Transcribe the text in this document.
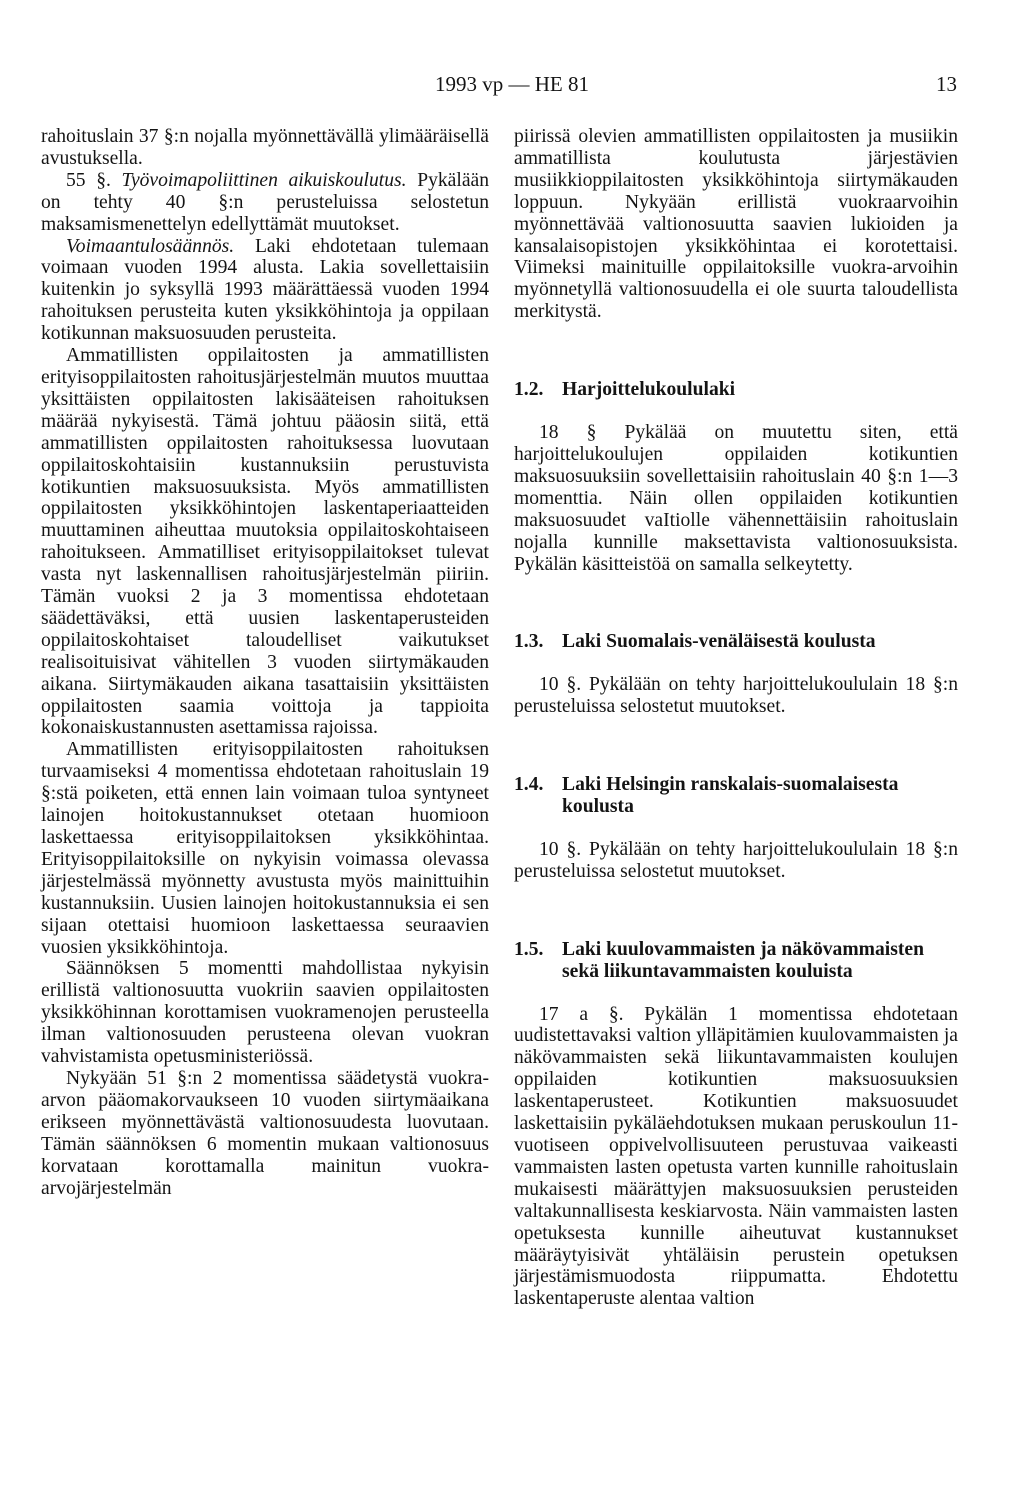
1993 vp — HE 81	13

rahoituslain 37 §:n nojalla myönnettävällä ylimääräisellä avustuksella.

55 §. Työvoimapoliittinen aikuiskoulutus. Pykälään on tehty 40 §:n perusteluissa selostetun maksamismenettelyn edellyttämät muutokset.

Voimaantulosäännös. Laki ehdotetaan tulemaan voimaan vuoden 1994 alusta. Lakia sovellettaisiin kuitenkin jo syksyllä 1993 määrättäessä vuoden 1994 rahoituksen perusteita kuten yksikköhintoja ja oppilaan kotikunnan maksuosuuden perusteita.

Ammatillisten oppilaitosten ja ammatillisten erityisoppilaitosten rahoitusjärjestelmän muutos muuttaa yksittäisten oppilaitosten lakisääteisen rahoituksen määrää nykyisestä. Tämä johtuu pääosin siitä, että ammatillisten oppilaitosten rahoituksessa luovutaan oppilaitoskohtaisiin kustannuksiin perustuvista kotikuntien maksuosuuksista. Myös ammatillisten oppilaitosten yksikköhintojen laskentaperiaatteiden muuttaminen aiheuttaa muutoksia oppilaitoskohtaiseen rahoitukseen. Ammatilliset erityisoppilaitokset tulevat vasta nyt laskennallisen rahoitusjärjestelmän piiriin. Tämän vuoksi 2 ja 3 momentissa ehdotetaan säädettäväksi, että uusien laskentaperusteiden oppilaitoskohtaiset taloudelliset vaikutukset realisoituisivat vähitellen 3 vuoden siirtymäkauden aikana. Siirtymäkauden aikana tasattaisiin yksittäisten oppilaitosten saamia voittoja ja tappioita kokonaiskustannusten asettamissa rajoissa.

Ammatillisten erityisoppilaitosten rahoituksen turvaamiseksi 4 momentissa ehdotetaan rahoituslain 19 §:stä poiketen, että ennen lain voimaan tuloa syntyneet lainojen hoitokustannukset otetaan huomioon laskettaessa erityisoppilaitoksen yksikköhintaa. Erityisoppilaitoksille on nykyisin voimassa olevassa järjestelmässä myönnetty avustusta myös mainittuihin kustannuksiin. Uusien lainojen hoitokustannuksia ei sen sijaan otettaisi huomioon laskettaessa seuraavien vuosien yksikköhintoja.

Säännöksen 5 momentti mahdollistaa nykyisin erillistä valtionosuutta vuokriin saavien oppilaitosten yksikköhinnan korottamisen vuokramenojen perusteella ilman valtionosuuden perusteena olevan vuokran vahvistamista opetusministeriössä.

Nykyään 51 §:n 2 momentissa säädetystä vuokra-arvon pääomakorvaukseen 10 vuoden siirtymäaikana erikseen myönnettävästä valtionosuudesta luovutaan. Tämän säännöksen 6 momentin mukaan valtionosuus korvataan korottamalla mainitun vuokra-arvojärjestelmän

piirissä olevien ammatillisten oppilaitosten ja musiikin ammatillista koulutusta järjestävien musiikkioppilaitosten yksikköhintoja siirtymäkauden loppuun. Nykyään erillistä vuokraarvoihin myönnettävää valtionosuutta saavien lukioiden ja kansalaisopistojen yksikköhintaa ei korotettaisi. Viimeksi mainituille oppilaitoksille vuokra-arvoihin myönnetyllä valtionosuudella ei ole suurta taloudellista merkitystä.

1.2. Harjoittelukoululaki

18 § Pykälää on muutettu siten, että harjoittelukoulujen oppilaiden kotikuntien maksuosuuksiin sovellettaisiin rahoituslain 40 §:n 1—3 momenttia. Näin ollen oppilaiden kotikuntien maksuosuudet vaItiolle vähennettäisiin rahoituslain nojalla kunnille maksettavista valtionosuuksista. Pykälän käsitteistöä on samalla selkeytetty.

1.3. Laki Suomalais-venäläisestä koulusta

10 §. Pykälään on tehty harjoittelukoululain 18 §:n perusteluissa selostetut muutokset.

1.4. Laki Helsingin ranskalais-suomalaisesta koulusta

10 §. Pykälään on tehty harjoittelukoululain 18 §:n perusteluissa selostetut muutokset.

1.5. Laki kuulovammaisten ja näkövammaisten sekä liikuntavammaisten kouluista

17 a §. Pykälän 1 momentissa ehdotetaan uudistettavaksi valtion ylläpitämien kuulovammaisten ja näkövammaisten sekä liikuntavammaisten koulujen oppilaiden kotikuntien maksuosuuksien laskentaperusteet. Kotikuntien maksuosuudet laskettaisiin pykäläehdotuksen mukaan peruskoulun 11-vuotiseen oppivelvollisuuteen perustuvaa vaikeasti vammaisten lasten opetusta varten kunnille rahoituslain mukaisesti määrättyjen maksuosuuksien perusteiden valtakunnallisesta keskiarvosta. Näin vammaisten lasten opetuksesta kunnille aiheutuvat kustannukset määräytyisivät yhtäläisin perustein opetuksen järjestämismuodosta riippumatta. Ehdotettu laskentaperuste alentaa valtion
